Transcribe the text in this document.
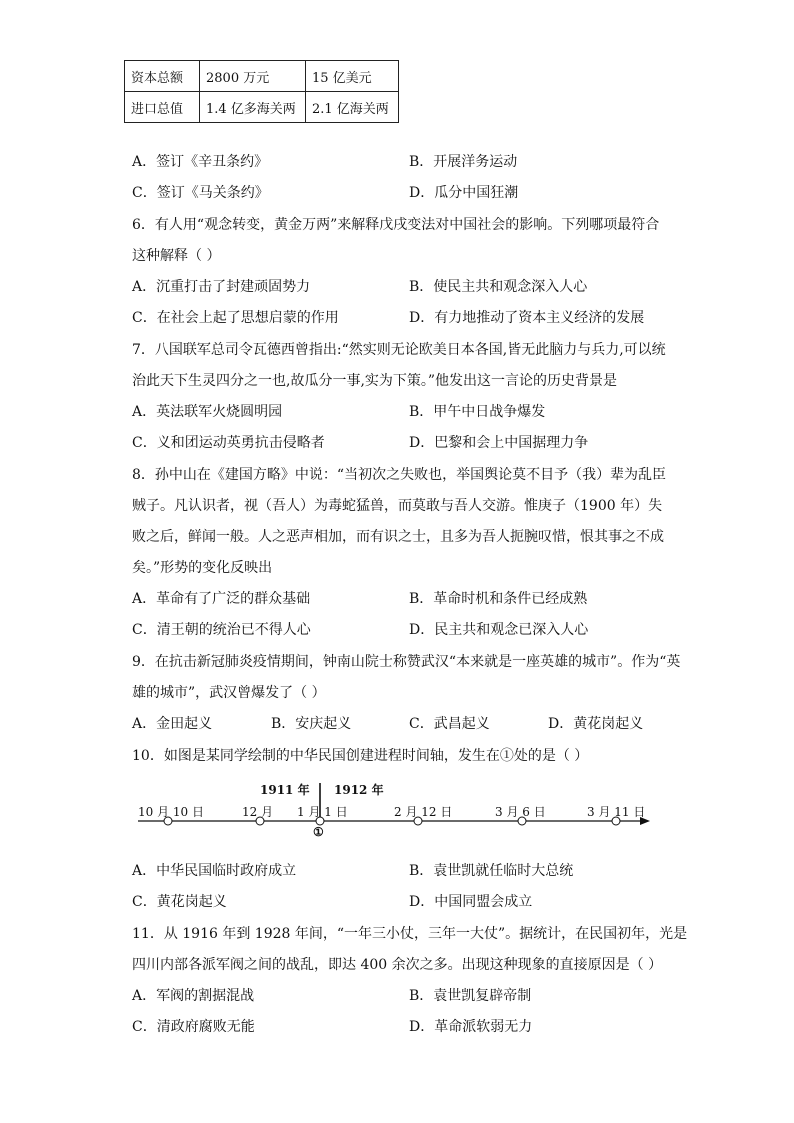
资本总额	2800 万元	15 亿美元
进口总值	1.4 亿多海关两	2.1 亿海关两
A．签订《辛丑条约》	B．开展洋务运动
C．签订《马关条约》	D．瓜分中国狂潮
6．有人用“观念转变，黄金万两”来解释戊戌变法对中国社会的影响。下列哪项最符合
这种解释（ ）
A．沉重打击了封建顽固势力	B．使民主共和观念深入人心
C．在社会上起了思想启蒙的作用	D．有力地推动了资本主义经济的发展
7．八国联军总司令瓦德西曾指出:“然实则无论欧美日本各国,皆无此脑力与兵力,可以统
治此天下生灵四分之一也,故瓜分一事,实为下策。”他发出这一言论的历史背景是
A．英法联军火烧圆明园	B．甲午中日战争爆发
C．义和团运动英勇抗击侵略者	D．巴黎和会上中国据理力争
8．孙中山在《建国方略》中说：“当初次之失败也，举国舆论莫不目予（我）辈为乱臣
贼子。凡认识者，视（吾人）为毒蛇猛兽，而莫敢与吾人交游。惟庚子（1900 年）失
败之后，鲜闻一般。人之恶声相加，而有识之士，且多为吾人扼腕叹惜，恨其事之不成
矣。”形势的变化反映出
A．革命有了广泛的群众基础	B．革命时机和条件已经成熟
C．清王朝的统治已不得人心	D．民主共和观念已深入人心
9．在抗击新冠肺炎疫情期间，钟南山院士称赞武汉“本来就是一座英雄的城市”。作为“英
雄的城市”，武汉曾爆发了（ ）
A．金田起义	B．安庆起义	C．武昌起义	D．黄花岗起义
10．如图是某同学绘制的中华民国创建进程时间轴，发生在①处的是（ ）
1911 年 1912 年
10 月 10 日	12 月 1 月 1 日	2 月 12 日	3 月 6 日	3 月 11 日
①
A．中华民国临时政府成立	B．袁世凯就任临时大总统
C．黄花岗起义	D．中国同盟会成立
11．从 1916 年到 1928 年间，“一年三小仗，三年一大仗”。据统计，在民国初年，光是
四川内部各派军阀之间的战乱，即达 400 余次之多。出现这种现象的直接原因是（ ）
A．军阀的割据混战	B．袁世凯复辟帝制
C．清政府腐败无能	D．革命派软弱无力
